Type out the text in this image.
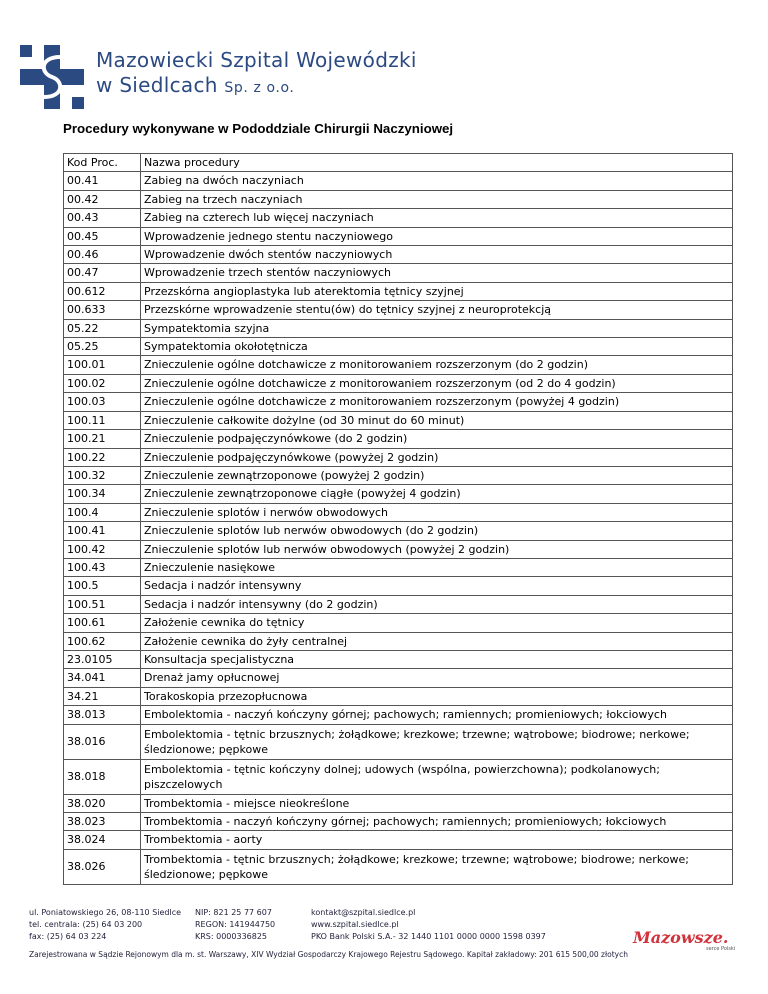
Mazowiecki Szpital Wojewódzki
w Siedlcach Sp. z o.o.
Procedury wykonywane w Pododdziale Chirurgii Naczyniowej
Kod Proc.	Nazwa procedury
00.41	Zabieg na dwóch naczyniach
00.42	Zabieg na trzech naczyniach
00.43	Zabieg na czterech lub więcej naczyniach
00.45	Wprowadzenie jednego stentu naczyniowego
00.46	Wprowadzenie dwóch stentów naczyniowych
00.47	Wprowadzenie trzech stentów naczyniowych
00.612	Przezskórna angioplastyka lub aterektomia tętnicy szyjnej
00.633	Przezskórne wprowadzenie stentu(ów) do tętnicy szyjnej z neuroprotekcją
05.22	Sympatektomia szyjna
05.25	Sympatektomia okołotętnicza
100.01	Znieczulenie ogólne dotchawicze z monitorowaniem rozszerzonym (do 2 godzin)
100.02	Znieczulenie ogólne dotchawicze z monitorowaniem rozszerzonym (od 2 do 4 godzin)
100.03	Znieczulenie ogólne dotchawicze z monitorowaniem rozszerzonym (powyżej 4 godzin)
100.11	Znieczulenie całkowite dożylne (od 30 minut do 60 minut)
100.21	Znieczulenie podpajęczynówkowe (do 2 godzin)
100.22	Znieczulenie podpajęczynówkowe (powyżej 2 godzin)
100.32	Znieczulenie zewnątrzoponowe (powyżej 2 godzin)
100.34	Znieczulenie zewnątrzoponowe ciągłe (powyżej 4 godzin)
100.4	Znieczulenie splotów i nerwów obwodowych
100.41	Znieczulenie splotów lub nerwów obwodowych (do 2 godzin)
100.42	Znieczulenie splotów lub nerwów obwodowych (powyżej 2 godzin)
100.43	Znieczulenie nasiękowe
100.5	Sedacja i nadzór intensywny
100.51	Sedacja i nadzór intensywny (do 2 godzin)
100.61	Założenie cewnika do tętnicy
100.62	Założenie cewnika do żyły centralnej
23.0105	Konsultacja specjalistyczna
34.041	Drenaż jamy opłucnowej
34.21	Torakoskopia przezopłucnowa
38.013	Embolektomia - naczyń kończyny górnej; pachowych; ramiennych; promieniowych; łokciowych
38.016	Embolektomia - tętnic brzusznych; żołądkowe; krezkowe; trzewne; wątrobowe; biodrowe; nerkowe; śledzionowe; pępkowe
38.018	Embolektomia - tętnic kończyny dolnej; udowych (wspólna, powierzchowna); podkolanowych; piszczelowych
38.020	Trombektomia - miejsce nieokreślone
38.023	Trombektomia - naczyń kończyny górnej; pachowych; ramiennych; promieniowych; łokciowych
38.024	Trombektomia - aorty
38.026	Trombektomia - tętnic brzusznych; żołądkowe; krezkowe; trzewne; wątrobowe; biodrowe; nerkowe; śledzionowe; pępkowe
ul. Poniatowskiego 26, 08-110 Siedlce
tel. centrala: (25) 64 03 200
fax: (25) 64 03 224
NIP: 821 25 77 607
REGON: 141944750
KRS: 0000336825
kontakt@szpital.siedlce.pl
www.szpital.siedlce.pl
PKO Bank Polski S.A.- 32 1440 1101 0000 0000 1598 0397
Zarejestrowana w Sądzie Rejonowym dla m. st. Warszawy, XIV Wydział Gospodarczy Krajowego Rejestru Sądowego. Kapitał zakładowy: 201 615 500,00 złotych
Mazowsze.
serce Polski
